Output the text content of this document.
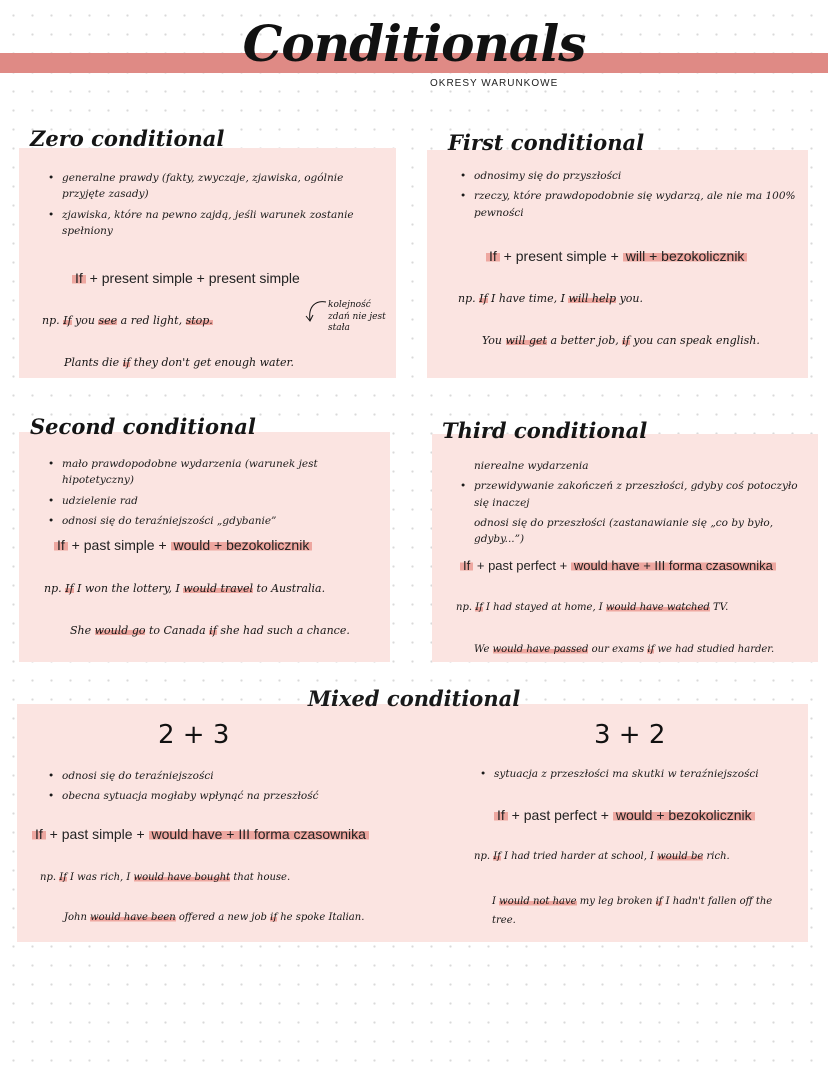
Conditionals
OKRESY WARUNKOWE
Zero conditional
• generalne prawdy (fakty, zwyczaje, zjawiska, ogólnie przyjęte zasady)
• zjawiska, które na pewno zajdą, jeśli warunek zostanie spełniony
If + present simple + present simple
kolejność zdań nie jest stała
np. If you see a red light, stop.
Plants die if they don't get enough water.
First conditional
• odnosimy się do przyszłości
• rzeczy, które prawdopodobnie się wydarzą, ale nie ma 100% pewności
If + present simple + will + bezokolicznik
np. If I have time, I will help you.
You will get a better job, if you can speak english.
Second conditional
• mało prawdopodobne wydarzenia (warunek jest hipotetyczny)
• udzielenie rad
• odnosi się do teraźniejszości „gdybanie”
If + past simple + would + bezokolicznik
np. If I won the lottery, I would travel to Australia.
She would go to Canada if she had such a chance.
Third conditional
nierealne wydarzenia
• przewidywanie zakończeń z przeszłości, gdyby coś potoczyło się inaczej
odnosi się do przeszłości (zastanawianie się „co by było, gdyby...”)
If + past perfect + would have + III forma czasownika
np. If I had stayed at home, I would have watched TV.
We would have passed our exams if we had studied harder.
Mixed conditional
2 + 3
• odnosi się do teraźniejszości
• obecna sytuacja mogłaby wpłynąć na przeszłość
If + past simple + would have + III forma czasownika
np. If I was rich, I would have bought that house.
John would have been offered a new job if he spoke Italian.
3 + 2
• sytuacja z przeszłości ma skutki w teraźniejszości
If + past perfect + would + bezokolicznik
np. If I had tried harder at school, I would be rich.
I would not have my leg broken if I hadn't fallen off the tree.
